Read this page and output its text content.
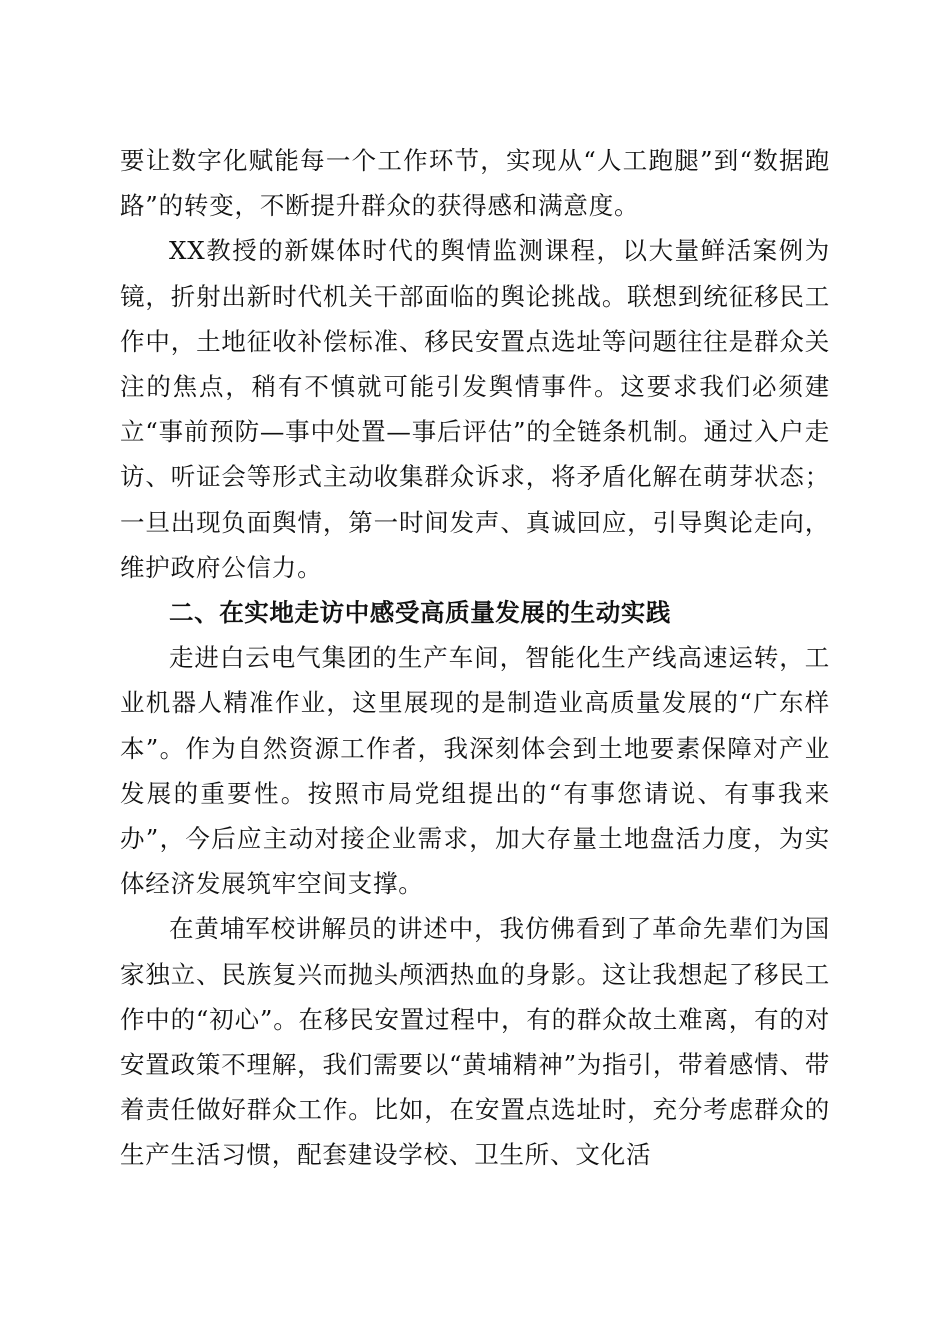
要让数字化赋能每一个工作环节，实现从“人工跑腿”到“数据跑路”的转变，不断提升群众的获得感和满意度。

XX教授的新媒体时代的舆情监测课程，以大量鲜活案例为镜，折射出新时代机关干部面临的舆论挑战。联想到统征移民工作中，土地征收补偿标准、移民安置点选址等问题往往是群众关注的焦点，稍有不慎就可能引发舆情事件。这要求我们必须建立“事前预防—事中处置—事后评估”的全链条机制。通过入户走访、听证会等形式主动收集群众诉求，将矛盾化解在萌芽状态；一旦出现负面舆情，第一时间发声、真诚回应，引导舆论走向，维护政府公信力。

二、在实地走访中感受高质量发展的生动实践

走进白云电气集团的生产车间，智能化生产线高速运转，工业机器人精准作业，这里展现的是制造业高质量发展的“广东样本”。作为自然资源工作者，我深刻体会到土地要素保障对产业发展的重要性。按照市局党组提出的“有事您请说、有事我来办”，今后应主动对接企业需求，加大存量土地盘活力度，为实体经济发展筑牢空间支撑。

在黄埔军校讲解员的讲述中，我仿佛看到了革命先辈们为国家独立、民族复兴而抛头颅洒热血的身影。这让我想起了移民工作中的“初心”。在移民安置过程中，有的群众故土难离，有的对安置政策不理解，我们需要以“黄埔精神”为指引，带着感情、带着责任做好群众工作。比如，在安置点选址时，充分考虑群众的生产生活习惯，配套建设学校、卫生所、文化活
